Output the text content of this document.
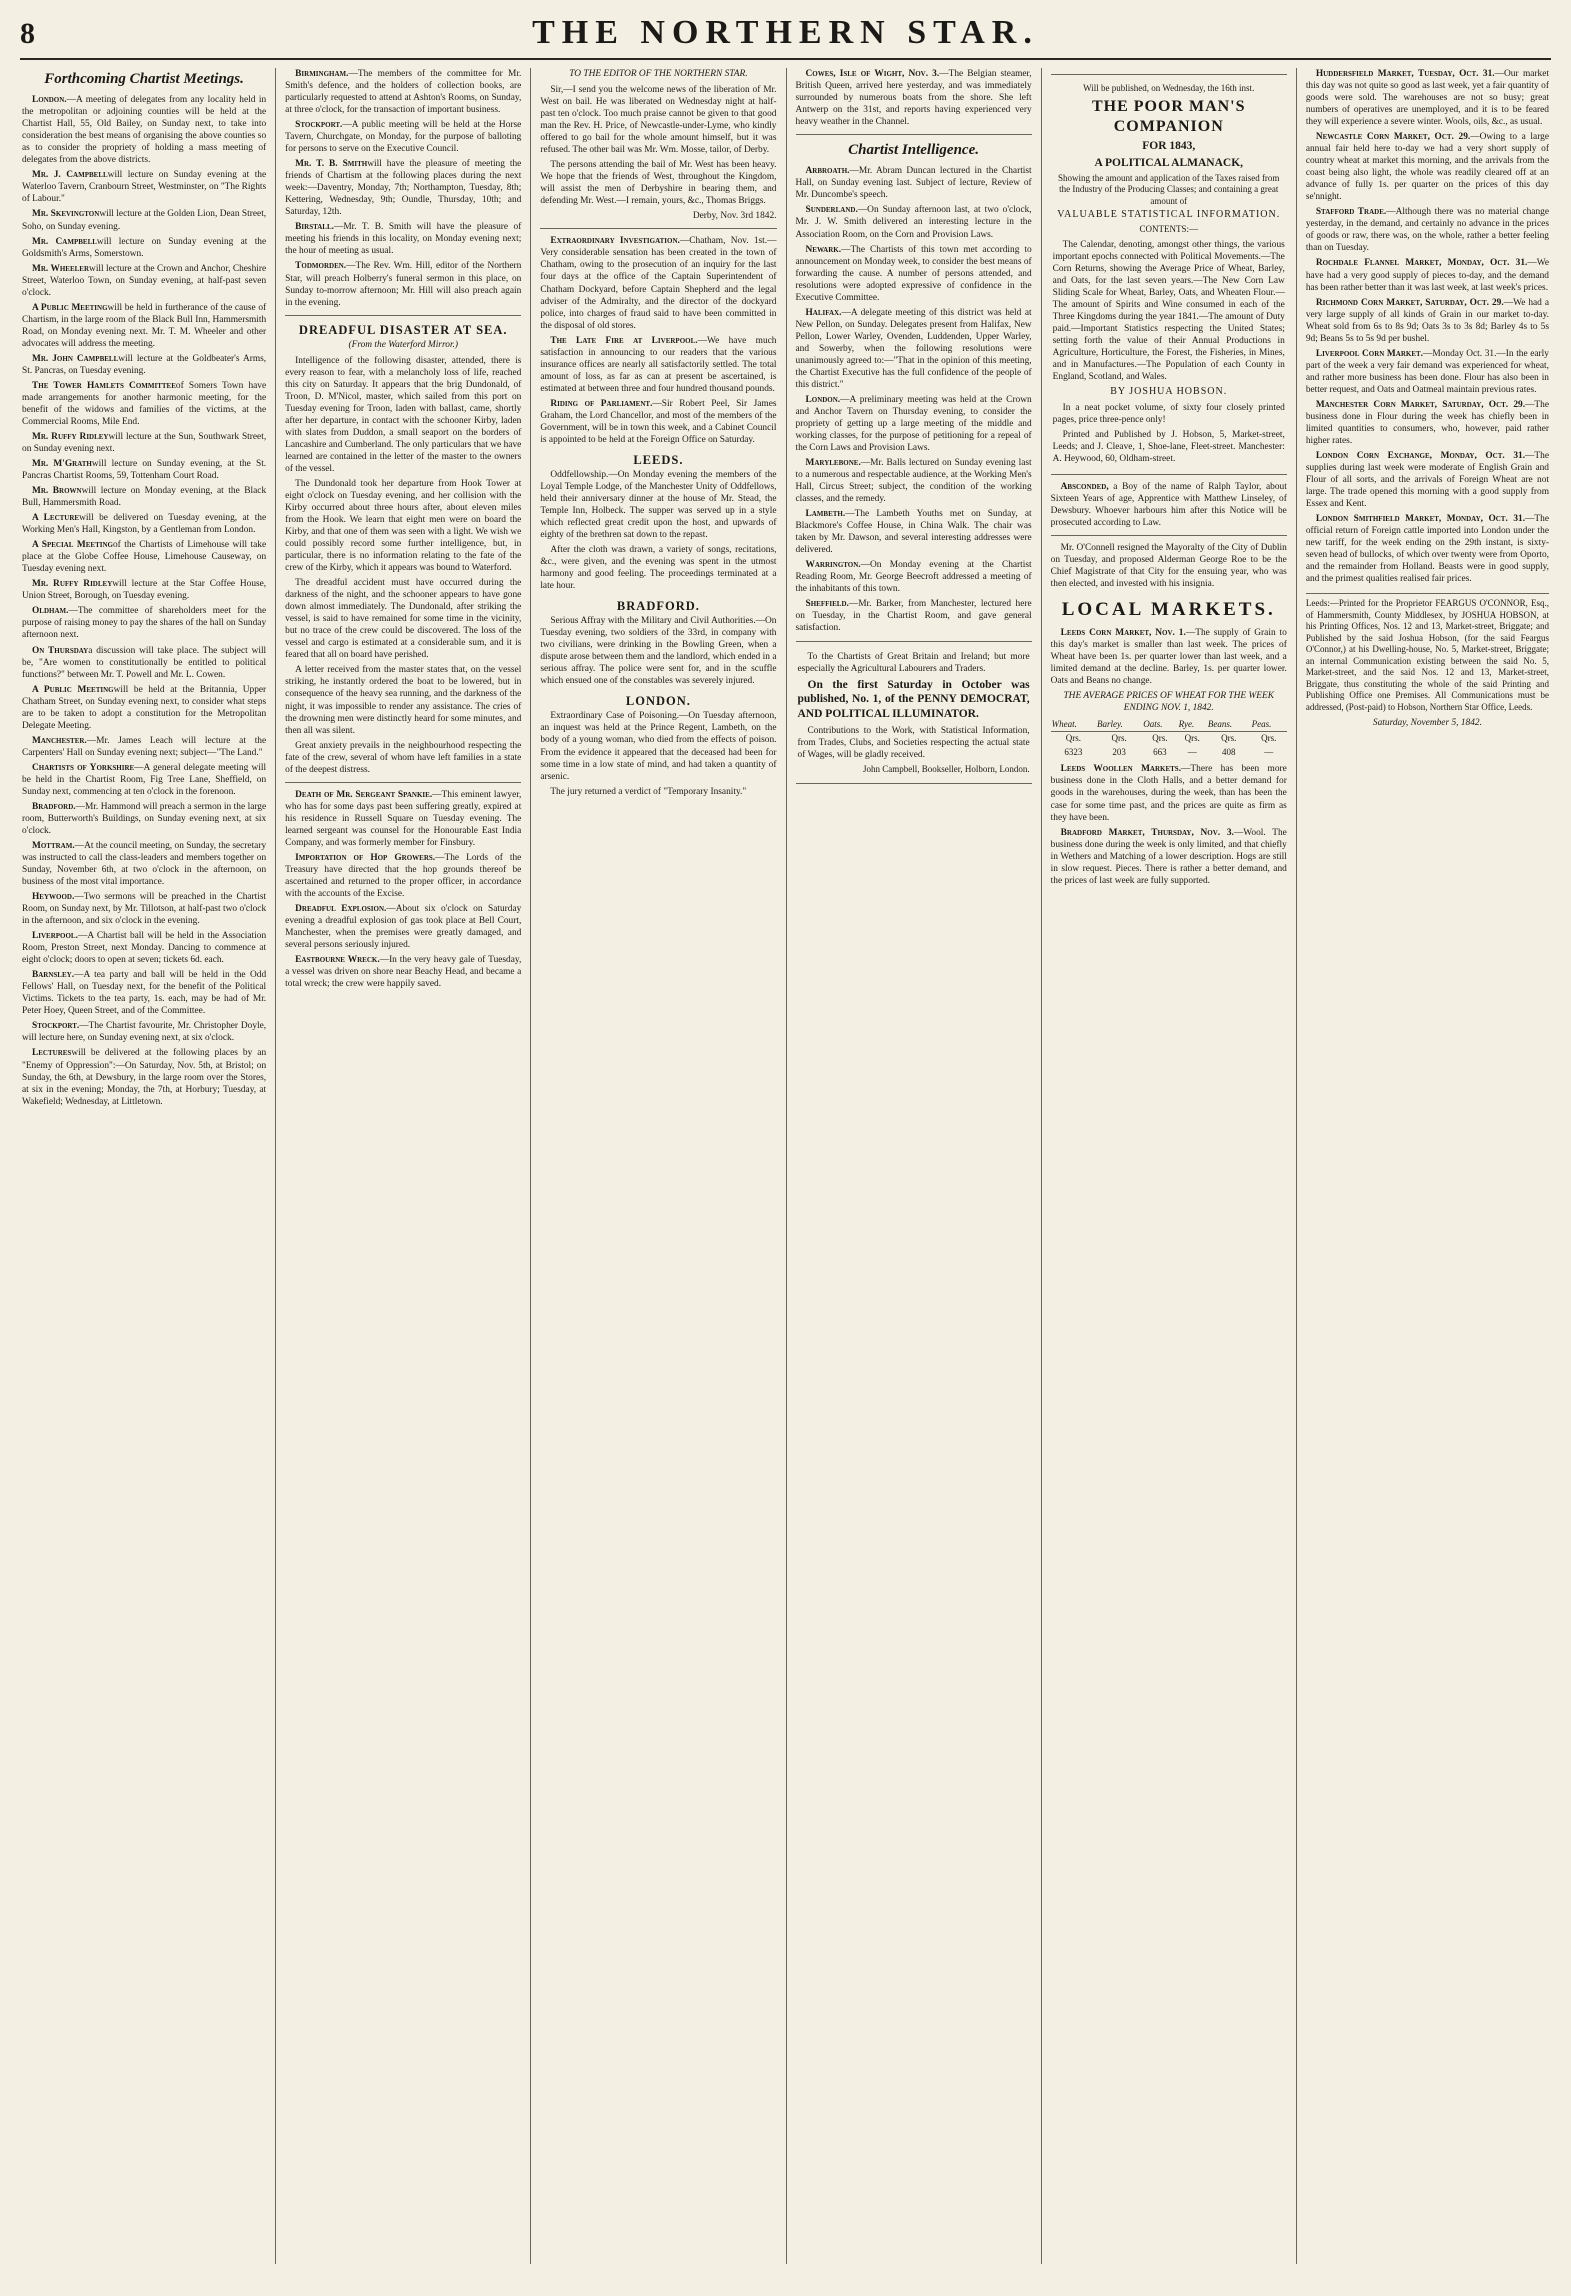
8	THE NORTHERN STAR.
Forthcoming Chartist Meetings.

London.—A meeting of delegates from any locality held in the metropolitan or adjoining counties will be held at the Chartist Hall, 55, Old Bailey, on Sunday next, to take into consideration the best means of organising the above counties so as to consider the propriety of holding a mass meeting of delegates from the above districts.

Mr. J. Campbellwill lecture on Sunday evening at the Waterloo Tavern, Cranbourn Street, Westminster, on "The Rights of Labour."

Mr. Skevingtonwill lecture at the Golden Lion, Dean Street, Soho, on Sunday evening.

Mr. Campbellwill lecture on Sunday evening at the Goldsmith's Arms, Somerstown.

Mr. Wheelerwill lecture at the Crown and Anchor, Cheshire Street, Waterloo Town, on Sunday evening, at half-past seven o'clock.

A Public Meetingwill be held in furtherance of the cause of Chartism, in the large room of the Black Bull Inn, Hammersmith Road, on Monday evening next. Mr. T. M. Wheeler and other advocates will address the meeting.

Mr. John Campbellwill lecture at the Goldbeater's Arms, St. Pancras, on Tuesday evening.

The Tower Hamlets Committeeof Somers Town have made arrangements for another harmonic meeting, for the benefit of the widows and families of the victims, at the Commercial Rooms, Mile End.

Mr. Ruffy Ridleywill lecture at the Sun, Southwark Street, on Sunday evening next.

Mr. M'Grathwill lecture on Sunday evening, at the St. Pancras Chartist Rooms, 59, Tottenham Court Road.

Mr. Brownwill lecture on Monday evening, at the Black Bull, Hammersmith Road.

A Lecturewill be delivered on Tuesday evening, at the Working Men's Hall, Kingston, by a Gentleman from London.

A Special Meetingof the Chartists of Limehouse will take place at the Globe Coffee House, Limehouse Causeway, on Tuesday evening next.

Mr. Ruffy Ridleywill lecture at the Star Coffee House, Union Street, Borough, on Tuesday evening.

Oldham.—The committee of shareholders meet for the purpose of raising money to pay the shares of the hall on Sunday afternoon next.

On Thursdaya discussion will take place. The subject will be, "Are women to constitutionally be entitled to political functions?" between Mr. T. Powell and Mr. L. Cowen.

A Public Meetingwill be held at the Britannia, Upper Chatham Street, on Sunday evening next, to consider what steps are to be taken to adopt a constitution for the Metropolitan Delegate Meeting.

Manchester.—Mr. James Leach will lecture at the Carpenters' Hall on Sunday evening next; subject—"The Land."

Chartists of Yorkshire—A general delegate meeting will be held in the Chartist Room, Fig Tree Lane, Sheffield, on Sunday next, commencing at ten o'clock in the forenoon.

Bradford.—Mr. Hammond will preach a sermon in the large room, Butterworth's Buildings, on Sunday evening next, at six o'clock.

Mottram.—At the council meeting, on Sunday, the secretary was instructed to call the class-leaders and members together on Sunday, November 6th, at two o'clock in the afternoon, on business of the most vital importance.

Heywood.—Two sermons will be preached in the Chartist Room, on Sunday next, by Mr. Tillotson, at half-past two o'clock in the afternoon, and six o'clock in the evening.

Liverpool.—A Chartist ball will be held in the Association Room, Preston Street, next Monday. Dancing to commence at eight o'clock; doors to open at seven; tickets 6d. each.

Barnsley.—A tea party and ball will be held in the Odd Fellows' Hall, on Tuesday next, for the benefit of the Political Victims. Tickets to the tea party, 1s. each, may be had of Mr. Peter Hoey, Queen Street, and of the Committee.

Stockport.—The Chartist favourite, Mr. Christopher Doyle, will lecture here, on Sunday evening next, at six o'clock.

Lectureswill be delivered at the following places by an "Enemy of Oppression":—On Saturday, Nov. 5th, at Bristol; on Sunday, the 6th, at Dewsbury, in the large room over the Stores, at six in the evening; Monday, the 7th, at Horbury; Tuesday, at Wakefield; Wednesday, at Littletown.

Birmingham.—The members of the committee for Mr. Smith's defence, and the holders of collection books, are particularly requested to attend at Ashton's Rooms, on Sunday, at three o'clock, for the transaction of important business.

Stockport.—A public meeting will be held at the Horse Tavern, Churchgate, on Monday, for the purpose of balloting for persons to serve on the Executive Council.

Mr. T. B. Smithwill have the pleasure of meeting the friends of Chartism at the following places during the next week:—Daventry, Monday, 7th; Northampton, Tuesday, 8th; Kettering, Wednesday, 9th; Oundle, Thursday, 10th; and Saturday, 12th.

Birstall.—Mr. T. B. Smith will have the pleasure of meeting his friends in this locality, on Monday evening next; the hour of meeting as usual.

Todmorden.—The Rev. Wm. Hill, editor of the Northern Star, will preach Holberry's funeral sermon in this place, on Sunday to-morrow afternoon; Mr. Hill will also preach again in the evening.

DREADFUL DISASTER AT SEA.
(From the Waterford Mirror.)

Intelligence of the following disaster, attended, there is every reason to fear, with a melancholy loss of life, reached this city on Saturday. It appears that the brig Dundonald, of Troon, D. M'Nicol, master, which sailed from this port on Tuesday evening for Troon, laden with ballast, came, shortly after her departure, in contact with the schooner Kirby, laden with slates from Duddon, a small seaport on the borders of Lancashire and Cumberland. The only particulars that we have learned are contained in the letter of the master to the owners of the vessel.

The Dundonald took her departure from Hook Tower at eight o'clock on Tuesday evening, and her collision with the Kirby occurred about three hours after, about eleven miles from the Hook. We learn that eight men were on board the Kirby, and that one of them was seen with a light. We wish we could possibly record some further intelligence, but, in particular, there is no information relating to the fate of the crew of the Kirby, which it appears was bound to Waterford.

The dreadful accident must have occurred during the darkness of the night, and the schooner appears to have gone down almost immediately. The Dundonald, after striking the vessel, is said to have remained for some time in the vicinity, but no trace of the crew could be discovered. The loss of the vessel and cargo is estimated at a considerable sum, and it is feared that all on board have perished.

A letter received from the master states that, on the vessel striking, he instantly ordered the boat to be lowered, but in consequence of the heavy sea running, and the darkness of the night, it was impossible to render any assistance. The cries of the drowning men were distinctly heard for some minutes, and then all was silent.

Great anxiety prevails in the neighbourhood respecting the fate of the crew, several of whom have left families in a state of the deepest distress.

Death of Mr. Sergeant Spankie.—This eminent lawyer, who has for some days past been suffering greatly, expired at his residence in Russell Square on Tuesday evening. The learned sergeant was counsel for the Honourable East India Company, and was formerly member for Finsbury.

Importation of Hop Growers.—The Lords of the Treasury have directed that the hop grounds thereof be ascertained and returned to the proper officer, in accordance with the accounts of the Excise.

Dreadful Explosion.—About six o'clock on Saturday evening a dreadful explosion of gas took place at Bell Court, Manchester, when the premises were greatly damaged, and several persons seriously injured.

Eastbourne Wreck.—In the very heavy gale of Tuesday, a vessel was driven on shore near Beachy Head, and became a total wreck; the crew were happily saved.

TO THE EDITOR OF THE NORTHERN STAR.

Sir,—I send you the welcome news of the liberation of Mr. West on bail. He was liberated on Wednesday night at half-past ten o'clock. Too much praise cannot be given to that good man the Rev. H. Price, of Newcastle-under-Lyme, who kindly offered to go bail for the whole amount himself, but it was refused. The other bail was Mr. Wm. Mosse, tailor, of Derby.

The persons attending the bail of Mr. West has been heavy. We hope that the friends of West, throughout the Kingdom, will assist the men of Derbyshire in bearing them, and defending Mr. West.—I remain, yours, &c., Thomas Briggs.

Derby, Nov. 3rd 1842.

Extraordinary Investigation.—Chatham, Nov. 1st.—Very considerable sensation has been created in the town of Chatham, owing to the prosecution of an inquiry for the last four days at the office of the Captain Superintendent of Chatham Dockyard, before Captain Shepherd and the legal adviser of the Admiralty, and the director of the dockyard police, into charges of fraud said to have been committed in the disposal of old stores.

The Late Fire at Liverpool.—We have much satisfaction in announcing to our readers that the various insurance offices are nearly all satisfactorily settled. The total amount of loss, as far as can at present be ascertained, is estimated at between three and four hundred thousand pounds.

Riding of Parliament.—Sir Robert Peel, Sir James Graham, the Lord Chancellor, and most of the members of the Government, will be in town this week, and a Cabinet Council is appointed to be held at the Foreign Office on Saturday.

LEEDS.

Oddfellowship.—On Monday evening the members of the Loyal Temple Lodge, of the Manchester Unity of Oddfellows, held their anniversary dinner at the house of Mr. Stead, the Temple Inn, Holbeck. The supper was served up in a style which reflected great credit upon the host, and upwards of eighty of the brethren sat down to the repast.

After the cloth was drawn, a variety of songs, recitations, &c., were given, and the evening was spent in the utmost harmony and good feeling. The proceedings terminated at a late hour.

BRADFORD.

Serious Affray with the Military and Civil Authorities.—On Tuesday evening, two soldiers of the 33rd, in company with two civilians, were drinking in the Bowling Green, when a dispute arose between them and the landlord, which ended in a serious affray. The police were sent for, and in the scuffle which ensued one of the constables was severely injured.

LONDON.

Extraordinary Case of Poisoning.—On Tuesday afternoon, an inquest was held at the Prince Regent, Lambeth, on the body of a young woman, who died from the effects of poison. From the evidence it appeared that the deceased had been for some time in a low state of mind, and had taken a quantity of arsenic.

The jury returned a verdict of "Temporary Insanity."

Cowes, Isle of Wight, Nov. 3.—The Belgian steamer, British Queen, arrived here yesterday, and was immediately surrounded by numerous boats from the shore. She left Antwerp on the 31st, and reports having experienced very heavy weather in the Channel.

Chartist Intelligence.

Arbroath.—Mr. Abram Duncan lectured in the Chartist Hall, on Sunday evening last. Subject of lecture, Review of Mr. Duncombe's speech.

Sunderland.—On Sunday afternoon last, at two o'clock, Mr. J. W. Smith delivered an interesting lecture in the Association Room, on the Corn and Provision Laws.

Newark.—The Chartists of this town met according to announcement on Monday week, to consider the best means of forwarding the cause. A number of persons attended, and resolutions were adopted expressive of confidence in the Executive Committee.

Halifax.—A delegate meeting of this district was held at New Pellon, on Sunday. Delegates present from Halifax, New Pellon, Lower Warley, Ovenden, Luddenden, Upper Warley, and Sowerby, when the following resolutions were unanimously agreed to:—"That in the opinion of this meeting, the Chartist Executive has the full confidence of the people of this district."

London.—A preliminary meeting was held at the Crown and Anchor Tavern on Thursday evening, to consider the propriety of getting up a large meeting of the middle and working classes, for the purpose of petitioning for a repeal of the Corn Laws and Provision Laws.

Marylebone.—Mr. Balls lectured on Sunday evening last to a numerous and respectable audience, at the Working Men's Hall, Circus Street; subject, the condition of the working classes, and the remedy.

Lambeth.—The Lambeth Youths met on Sunday, at Blackmore's Coffee House, in China Walk. The chair was taken by Mr. Dawson, and several interesting addresses were delivered.

Warrington.—On Monday evening at the Chartist Reading Room, Mr. George Beecroft addressed a meeting of the inhabitants of this town.

Sheffield.—Mr. Barker, from Manchester, lectured here on Tuesday, in the Chartist Room, and gave general satisfaction.

To the Chartists of Great Britain and Ireland; but more especially the Agricultural Labourers and Traders.
On the first Saturday in October was published, No. 1, of the PENNY DEMOCRAT, AND POLITICAL ILLUMINATOR.
Contributions to the Work, with Statistical Information, from Trades, Clubs, and Societies respecting the actual state of Wages, will be gladly received.
John Campbell, Bookseller, Holborn, London.
Will be published, on Wednesday, the 16th inst.
THE POOR MAN'S COMPANION
FOR 1843,
A POLITICAL ALMANACK,
Showing the amount and application of the Taxes raised from the Industry of the Producing Classes; and containing a great amount of
VALUABLE STATISTICAL INFORMATION.
CONTENTS:—
The Calendar, denoting, amongst other things, the various important epochs connected with Political Movements.—The Corn Returns, showing the Average Price of Wheat, Barley, and Oats, for the last seven years.—The New Corn Law Sliding Scale for Wheat, Barley, Oats, and Wheaten Flour.—The amount of Spirits and Wine consumed in each of the Three Kingdoms during the year 1841.—The amount of Duty paid.—Important Statistics respecting the United States; setting forth the value of their Annual Productions in Agriculture, Horticulture, the Forest, the Fisheries, in Mines, and in Manufactures.—The Population of each County in England, Scotland, and Wales.
BY JOSHUA HOBSON.
In a neat pocket volume, of sixty four closely printed pages, price three-pence only!
Printed and Published by J. Hobson, 5, Market-street, Leeds; and J. Cleave, 1, Shoe-lane, Fleet-street. Manchester: A. Heywood, 60, Oldham-street.

Absconded, a Boy of the name of Ralph Taylor, about Sixteen Years of age, Apprentice with Matthew Linseley, of Dewsbury. Whoever harbours him after this Notice will be prosecuted according to Law.

Mr. O'Connell resigned the Mayoralty of the City of Dublin on Tuesday, and proposed Alderman George Roe to be the Chief Magistrate of that City for the ensuing year, who was then elected, and invested with his insignia.

LOCAL MARKETS.

Leeds Corn Market, Nov. 1.—The supply of Grain to this day's market is smaller than last week. The prices of Wheat have been 1s. per quarter lower than last week, and a limited demand at the decline. Barley, 1s. per quarter lower. Oats and Beans no change.

THE AVERAGE PRICES OF WHEAT FOR THE WEEK ENDING NOV. 1, 1842.
Wheat.	Barley.	Oats.	Rye.	Beans.	Peas.
Qrs.	Qrs.	Qrs.	Qrs.	Qrs.	Qrs.
6323	203	663	—	408	—

Leeds Woollen Markets.—There has been more business done in the Cloth Halls, and a better demand for goods in the warehouses, during the week, than has been the case for some time past, and the prices are quite as firm as they have been.

Bradford Market, Thursday, Nov. 3.—Wool. The business done during the week is only limited, and that chiefly in Wethers and Matching of a lower description. Hogs are still in slow request. Pieces. There is rather a better demand, and the prices of last week are fully supported.

Huddersfield Market, Tuesday, Oct. 31.—Our market this day was not quite so good as last week, yet a fair quantity of goods were sold. The warehouses are not so busy; great numbers of operatives are unemployed, and it is to be feared they will experience a severe winter. Wools, oils, &c., as usual.

Newcastle Corn Market, Oct. 29.—Owing to a large annual fair held here to-day we had a very short supply of country wheat at market this morning, and the arrivals from the coast being also light, the whole was readily cleared off at an advance of fully 1s. per quarter on the prices of this day se'nnight.

Stafford Trade.—Although there was no material change yesterday, in the demand, and certainly no advance in the prices of goods or raw, there was, on the whole, rather a better feeling than on Tuesday.

Rochdale Flannel Market, Monday, Oct. 31.—We have had a very good supply of pieces to-day, and the demand has been rather better than it was last week, at last week's prices.

Richmond Corn Market, Saturday, Oct. 29.—We had a very large supply of all kinds of Grain in our market to-day. Wheat sold from 6s to 8s 9d; Oats 3s to 3s 8d; Barley 4s to 5s 9d; Beans 5s to 5s 9d per bushel.

Liverpool Corn Market.—Monday Oct. 31.—In the early part of the week a very fair demand was experienced for wheat, and rather more business has been done. Flour has also been in better request, and Oats and Oatmeal maintain previous rates.

Manchester Corn Market, Saturday, Oct. 29.—The business done in Flour during the week has chiefly been in limited quantities to consumers, who, however, paid rather higher rates.

London Corn Exchange, Monday, Oct. 31.—The supplies during last week were moderate of English Grain and Flour of all sorts, and the arrivals of Foreign Wheat are not large. The trade opened this morning with a good supply from Essex and Kent.

London Smithfield Market, Monday, Oct. 31.—The official return of Foreign cattle imported into London under the new tariff, for the week ending on the 29th instant, is sixty-seven head of bullocks, of which over twenty were from Oporto, and the remainder from Holland. Beasts were in good supply, and the primest qualities realised fair prices.

Leeds:—Printed for the Proprietor FEARGUS O'CONNOR, Esq., of Hammersmith, County Middlesex, by JOSHUA HOBSON, at his Printing Offices, Nos. 12 and 13, Market-street, Briggate; and Published by the said Joshua Hobson, (for the said Feargus O'Connor,) at his Dwelling-house, No. 5, Market-street, Briggate; an internal Communication existing between the said No. 5, Market-street, and the said Nos. 12 and 13, Market-street, Briggate, thus constituting the whole of the said Printing and Publishing Office one Premises. All Communications must be addressed, (Post-paid) to Hobson, Northern Star Office, Leeds.
Saturday, November 5, 1842.
